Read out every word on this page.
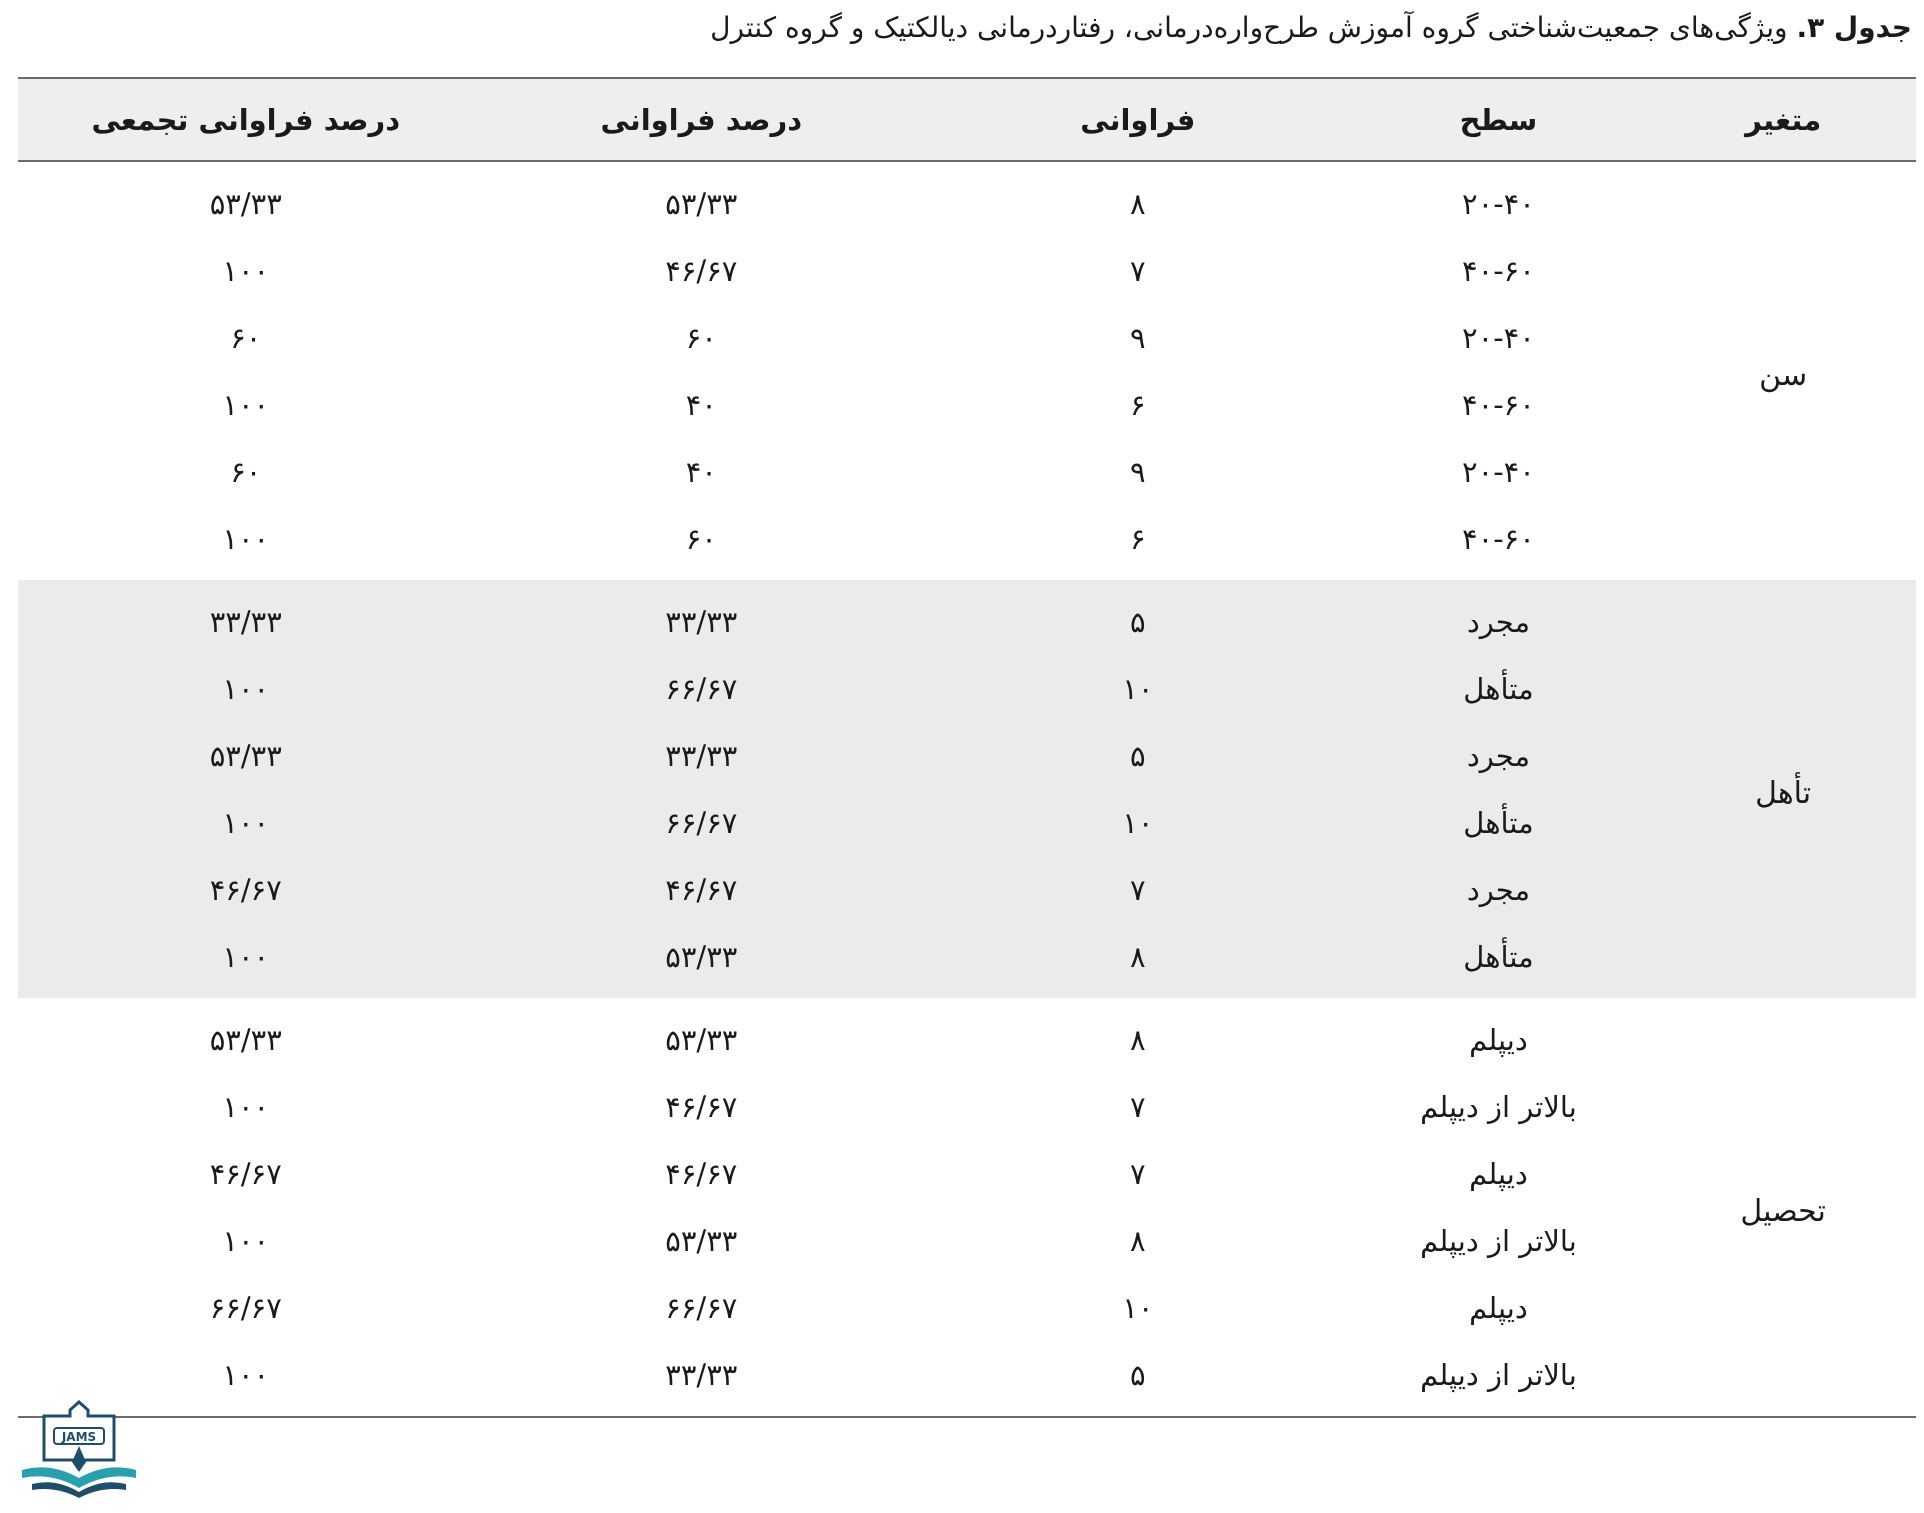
جدول ۳. ویژگی‌های جمعیت‌شناختی گروه آموزش طرح‌واره‌درمانی، رفتاردرمانی دیالکتیک و گروه کنترل
متغیر	سطح	فراوانی	درصد فراوانی	درصد فراوانی تجمعی
سن	۲۰-۴۰	۸	۵۳/۳۳	۵۳/۳۳
	۴۰-۶۰	۷	۴۶/۶۷	۱۰۰
	۲۰-۴۰	۹	۶۰	۶۰
	۴۰-۶۰	۶	۴۰	۱۰۰
	۲۰-۴۰	۹	۴۰	۶۰
	۴۰-۶۰	۶	۶۰	۱۰۰
تأهل	مجرد	۵	۳۳/۳۳	۳۳/۳۳
	متأهل	۱۰	۶۶/۶۷	۱۰۰
	مجرد	۵	۳۳/۳۳	۵۳/۳۳
	متأهل	۱۰	۶۶/۶۷	۱۰۰
	مجرد	۷	۴۶/۶۷	۴۶/۶۷
	متأهل	۸	۵۳/۳۳	۱۰۰
تحصیل	دیپلم	۸	۵۳/۳۳	۵۳/۳۳
	بالاتر از دیپلم	۷	۴۶/۶۷	۱۰۰
	دیپلم	۷	۴۶/۶۷	۴۶/۶۷
	بالاتر از دیپلم	۸	۵۳/۳۳	۱۰۰
	دیپلم	۱۰	۶۶/۶۷	۶۶/۶۷
	بالاتر از دیپلم	۵	۳۳/۳۳	۱۰۰
JAMS
